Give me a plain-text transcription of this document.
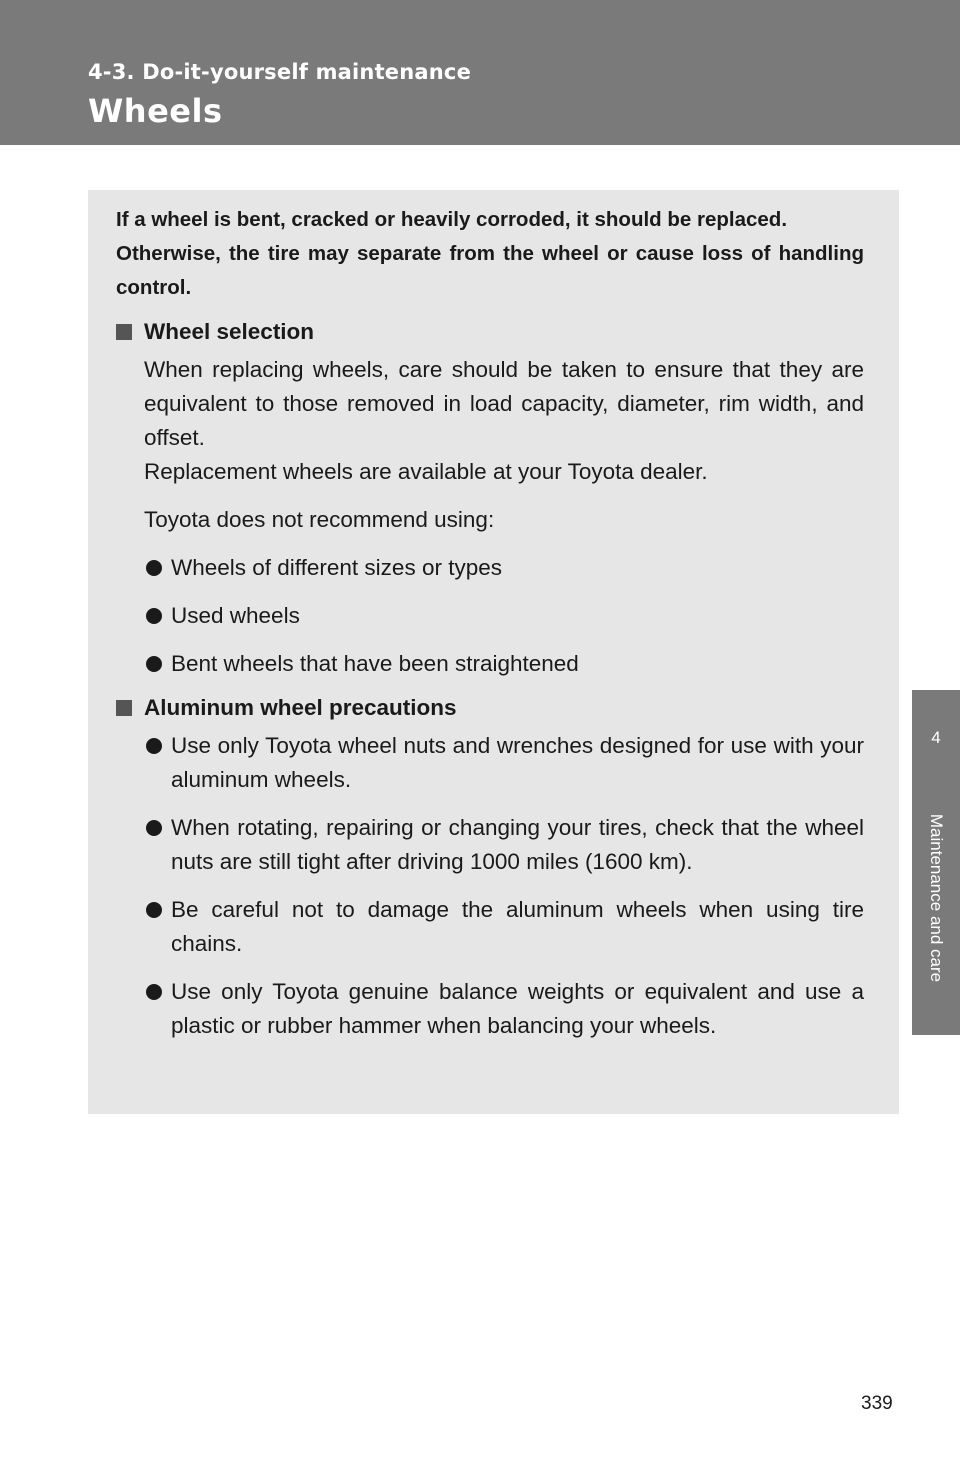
4-3. Do-it-yourself maintenance
Wheels
4
Maintenance and care

If a wheel is bent, cracked or heavily corroded, it should be replaced.
Otherwise, the tire may separate from the wheel or cause loss of handling control.

Wheel selection

When replacing wheels, care should be taken to ensure that they are equivalent to those removed in load capacity, diameter, rim width, and offset.
Replacement wheels are available at your Toyota dealer.

Toyota does not recommend using:

Wheels of different sizes or types
Used wheels
Bent wheels that have been straightened
Aluminum wheel precautions
Use only Toyota wheel nuts and wrenches designed for use with your aluminum wheels.
When rotating, repairing or changing your tires, check that the wheel nuts are still tight after driving 1000 miles (1600 km).
Be careful not to damage the aluminum wheels when using tire chains.
Use only Toyota genuine balance weights or equivalent and use a plastic or rubber hammer when balancing your wheels.
339
